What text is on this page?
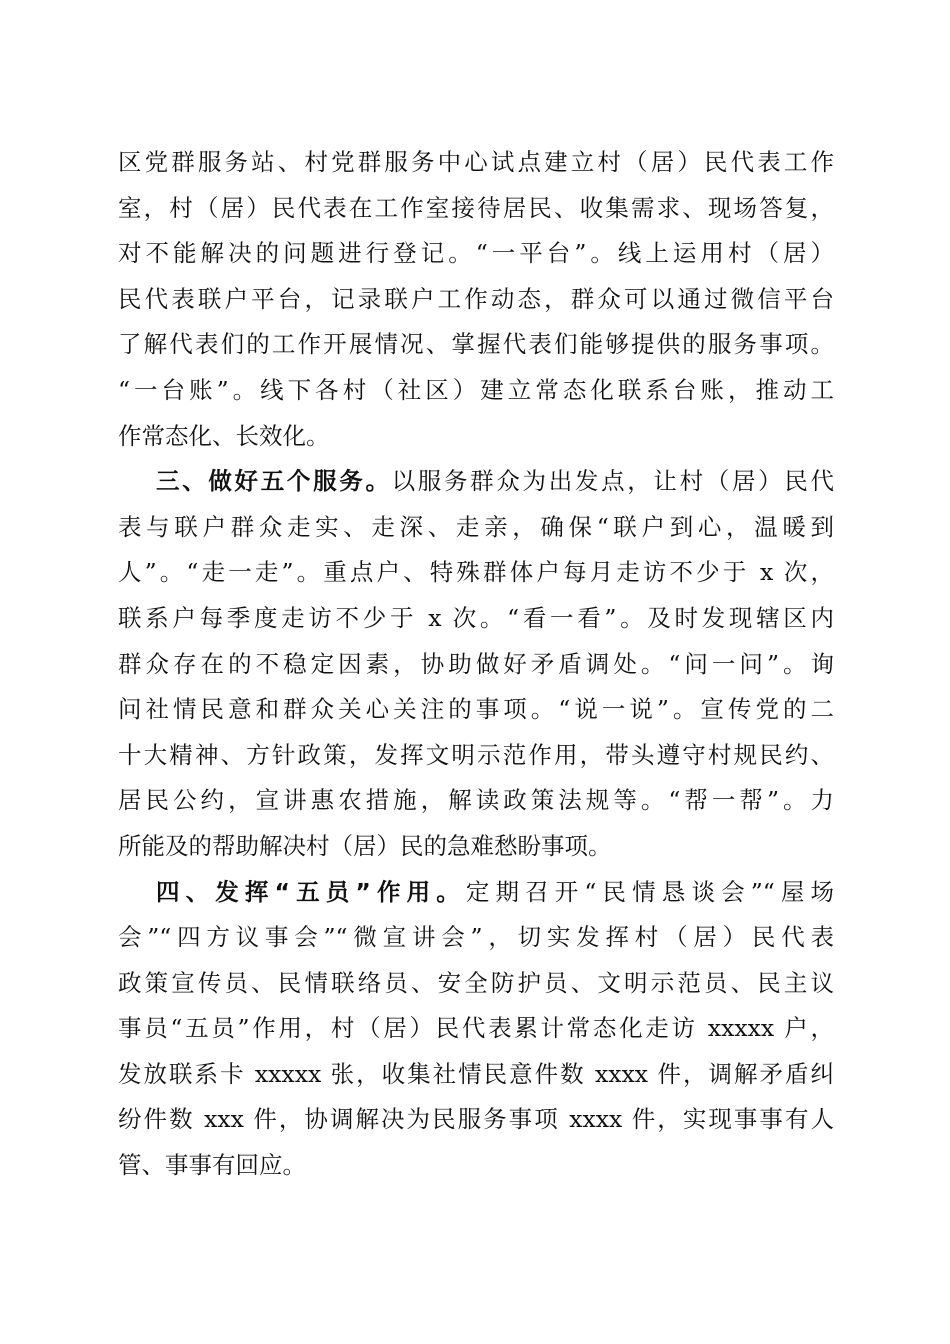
区党群服务站、村党群服务中心试点建立村（居）民代表工作
室，村（居）民代表在工作室接待居民、收集需求、现场答复，
对不能解决的问题进行登记。“一平台”。线上运用村（居）
民代表联户平台，记录联户工作动态，群众可以通过微信平台
了解代表们的工作开展情况、掌握代表们能够提供的服务事项。
“一台账”。线下各村（社区）建立常态化联系台账，推动工
作常态化、长效化。
三、做好五个服务。以服务群众为出发点，让村（居）民代
表与联户群众走实、走深、走亲，确保“联户到心，温暖到
人”。“走一走”。重点户、特殊群体户每月走访不少于 x 次，
联系户每季度走访不少于 x 次。“看一看”。及时发现辖区内
群众存在的不稳定因素，协助做好矛盾调处。“问一问”。询
问社情民意和群众关心关注的事项。“说一说”。宣传党的二
十大精神、方针政策，发挥文明示范作用，带头遵守村规民约、
居民公约，宣讲惠农措施，解读政策法规等。“帮一帮”。力
所能及的帮助解决村（居）民的急难愁盼事项。
四、发挥“五员”作用。定期召开“民情恳谈会”“屋场
会”“四方议事会”“微宣讲会”，切实发挥村（居）民代表
政策宣传员、民情联络员、安全防护员、文明示范员、民主议
事员“五员”作用，村（居）民代表累计常态化走访 xxxxx 户，
发放联系卡 xxxxx 张，收集社情民意件数 xxxx 件，调解矛盾纠
纷件数 xxx 件，协调解决为民服务事项 xxxx 件，实现事事有人
管、事事有回应。
